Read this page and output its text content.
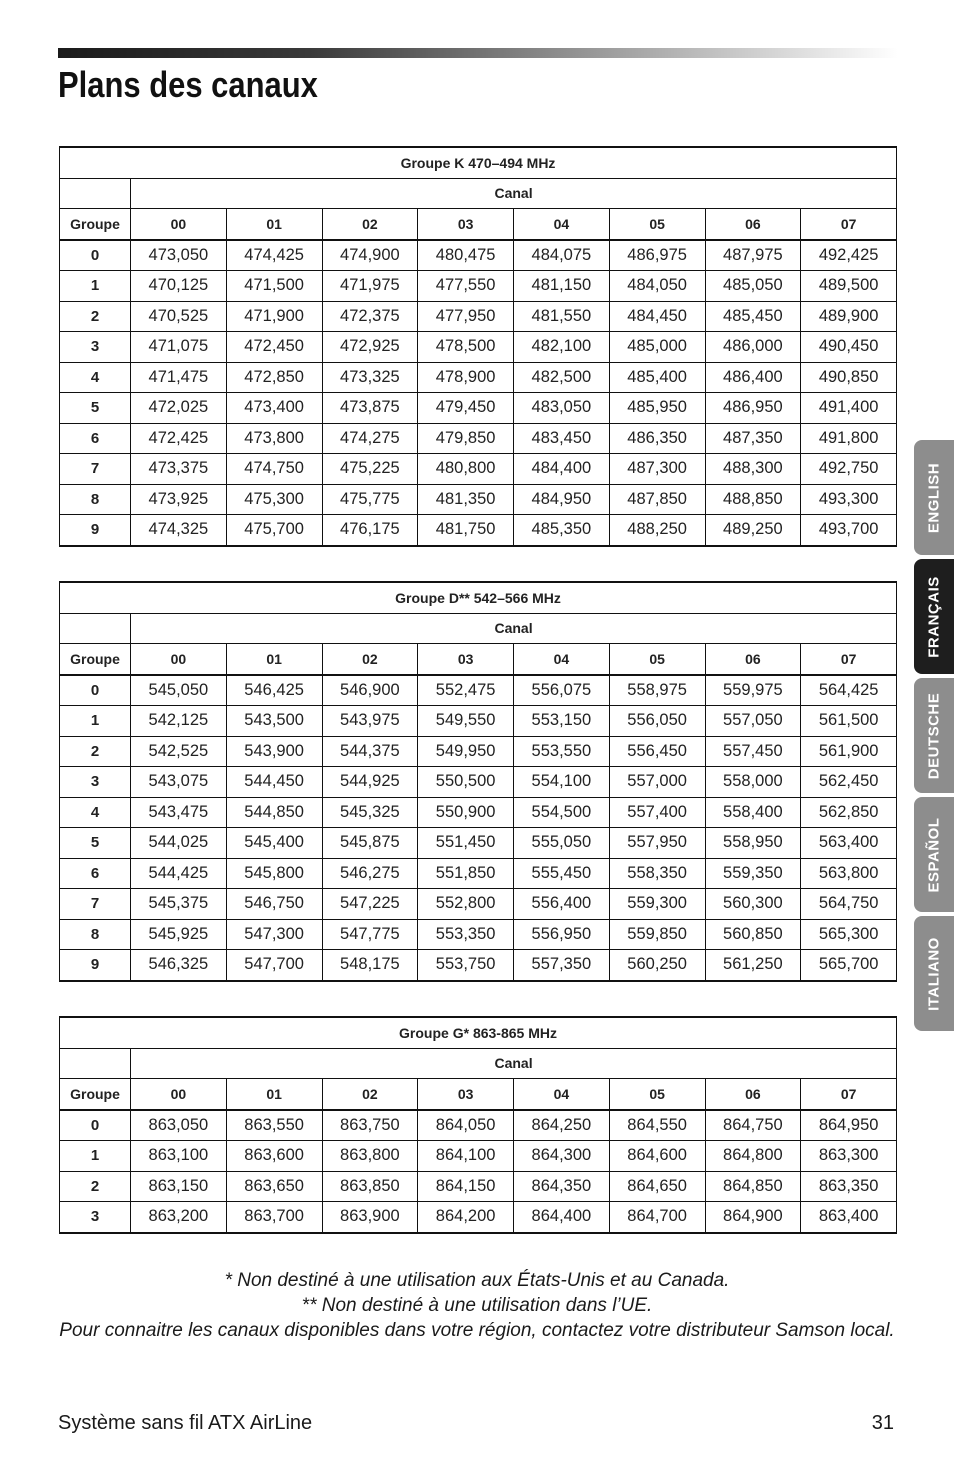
Plans des canaux
Groupe K 470–494 MHz								
	Canal							
Groupe	00	01	02	03	04	05	06	07
0	473,050	474,425	474,900	480,475	484,075	486,975	487,975	492,425
1	470,125	471,500	471,975	477,550	481,150	484,050	485,050	489,500
2	470,525	471,900	472,375	477,950	481,550	484,450	485,450	489,900
3	471,075	472,450	472,925	478,500	482,100	485,000	486,000	490,450
4	471,475	472,850	473,325	478,900	482,500	485,400	486,400	490,850
5	472,025	473,400	473,875	479,450	483,050	485,950	486,950	491,400
6	472,425	473,800	474,275	479,850	483,450	486,350	487,350	491,800
7	473,375	474,750	475,225	480,800	484,400	487,300	488,300	492,750
8	473,925	475,300	475,775	481,350	484,950	487,850	488,850	493,300
9	474,325	475,700	476,175	481,750	485,350	488,250	489,250	493,700
Groupe D** 542–566 MHz								
	Canal							
Groupe	00	01	02	03	04	05	06	07
0	545,050	546,425	546,900	552,475	556,075	558,975	559,975	564,425
1	542,125	543,500	543,975	549,550	553,150	556,050	557,050	561,500
2	542,525	543,900	544,375	549,950	553,550	556,450	557,450	561,900
3	543,075	544,450	544,925	550,500	554,100	557,000	558,000	562,450
4	543,475	544,850	545,325	550,900	554,500	557,400	558,400	562,850
5	544,025	545,400	545,875	551,450	555,050	557,950	558,950	563,400
6	544,425	545,800	546,275	551,850	555,450	558,350	559,350	563,800
7	545,375	546,750	547,225	552,800	556,400	559,300	560,300	564,750
8	545,925	547,300	547,775	553,350	556,950	559,850	560,850	565,300
9	546,325	547,700	548,175	553,750	557,350	560,250	561,250	565,700
Groupe G* 863-865 MHz								
	Canal							
Groupe	00	01	02	03	04	05	06	07
0	863,050	863,550	863,750	864,050	864,250	864,550	864,750	864,950
1	863,100	863,600	863,800	864,100	864,300	864,600	864,800	863,300
2	863,150	863,650	863,850	864,150	864,350	864,650	864,850	863,350
3	863,200	863,700	863,900	864,200	864,400	864,700	864,900	863,400
* Non destiné à une utilisation aux États-Unis et au Canada.
** Non destiné à une utilisation dans l’UE.
Pour connaitre les canaux disponibles dans votre région, contactez votre distributeur Samson local.
Système sans fil ATX AirLine	31
ENGLISH
FRANÇAIS
DEUTSCHE
ESPAÑOL
ITALIANO
